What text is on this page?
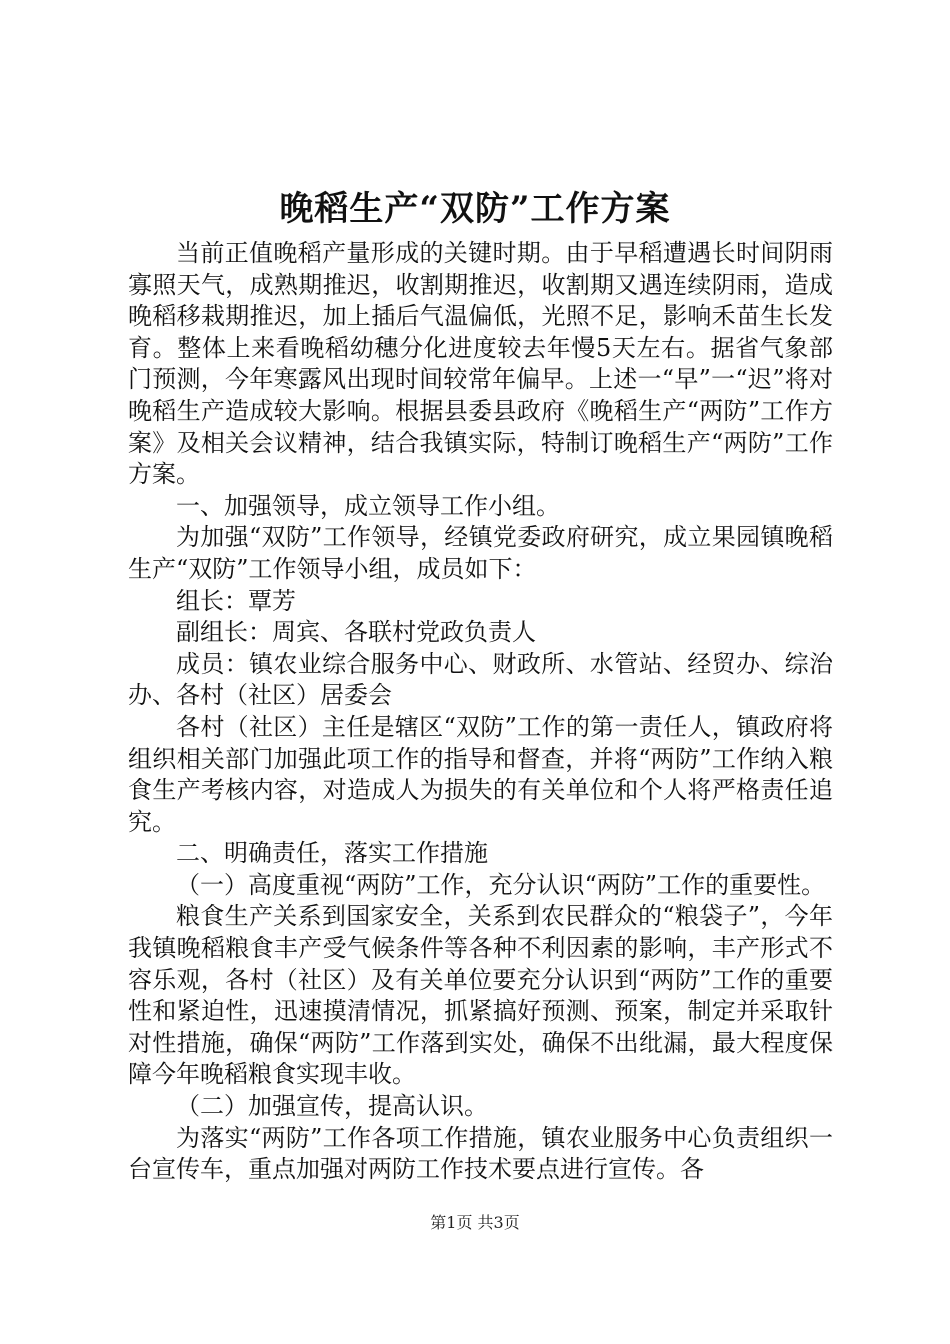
晚稻生产“双防”工作方案

当前正值晚稻产量形成的关键时期。由于早稻遭遇长时间阴雨寡照天气，成熟期推迟，收割期推迟，收割期又遇连续阴雨，造成晚稻移栽期推迟，加上插后气温偏低，光照不足，影响禾苗生长发育。整体上来看晚稻幼穗分化进度较去年慢5天左右。据省气象部门预测，今年寒露风出现时间较常年偏早。上述一“早”一“迟”将对晚稻生产造成较大影响。根据县委县政府《晚稻生产“两防”工作方案》及相关会议精神，结合我镇实际，特制订晚稻生产“两防”工作方案。

一、加强领导，成立领导工作小组。

为加强“双防”工作领导，经镇党委政府研究，成立果园镇晚稻生产“双防”工作领导小组，成员如下：

组长：覃芳

副组长：周宾、各联村党政负责人

成员：镇农业综合服务中心、财政所、水管站、经贸办、综治办、各村（社区）居委会

各村（社区）主任是辖区“双防”工作的第一责任人，镇政府将组织相关部门加强此项工作的指导和督查，并将“两防”工作纳入粮食生产考核内容，对造成人为损失的有关单位和个人将严格责任追究。

二、明确责任，落实工作措施

（一）高度重视“两防”工作，充分认识“两防”工作的重要性。

粮食生产关系到国家安全，关系到农民群众的“粮袋子”，今年我镇晚稻粮食丰产受气候条件等各种不利因素的影响，丰产形式不容乐观，各村（社区）及有关单位要充分认识到“两防”工作的重要性和紧迫性，迅速摸清情况，抓紧搞好预测、预案，制定并采取针对性措施，确保“两防”工作落到实处，确保不出纰漏，最大程度保障今年晚稻粮食实现丰收。

（二）加强宣传，提高认识。

为落实“两防”工作各项工作措施，镇农业服务中心负责组织一台宣传车，重点加强对两防工作技术要点进行宣传。各

第1页 共3页
